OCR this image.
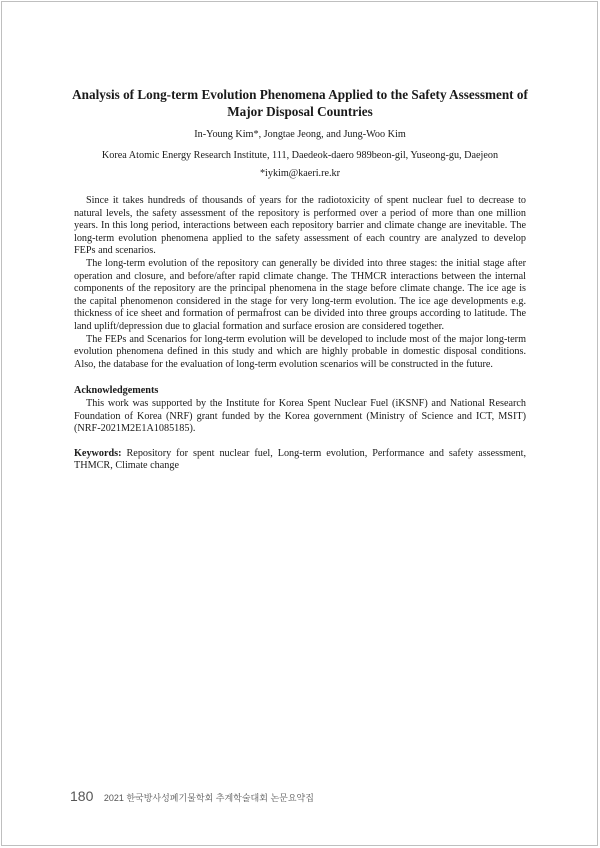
Analysis of Long-term Evolution Phenomena Applied to the Safety Assessment of Major Disposal Countries
In-Young Kim*, Jongtae Jeong, and Jung-Woo Kim
Korea Atomic Energy Research Institute, 111, Daedeok-daero 989beon-gil, Yuseong-gu, Daejeon
*iykim@kaeri.re.kr

Since it takes hundreds of thousands of years for the radiotoxicity of spent nuclear fuel to decrease to natural levels, the safety assessment of the repository is performed over a period of more than one million years. In this long period, interactions between each repository barrier and climate change are inevitable. The long-term evolution phenomena applied to the safety assessment of each country are analyzed to develop FEPs and scenarios.

The long-term evolution of the repository can generally be divided into three stages: the initial stage after operation and closure, and before/after rapid climate change. The THMCR interactions between the internal components of the repository are the principal phenomena in the stage before climate change. The ice age is the capital phenomenon considered in the stage for very long-term evolution. The ice age developments e.g. thickness of ice sheet and formation of permafrost can be divided into three groups according to latitude. The land uplift/depression due to glacial formation and surface erosion are considered together.

The FEPs and Scenarios for long-term evolution will be developed to include most of the major long-term evolution phenomena defined in this study and which are highly probable in domestic disposal conditions. Also, the database for the evaluation of long-term evolution scenarios will be constructed in the future.

Acknowledgements

This work was supported by the Institute for Korea Spent Nuclear Fuel (iKSNF) and National Research Foundation of Korea (NRF) grant funded by the Korea government (Ministry of Science and ICT, MSIT) (NRF-2021M2E1A1085185).

Keywords: Repository for spent nuclear fuel, Long-term evolution, Performance and safety assessment, THMCR, Climate change
180 2021 한국방사성폐기물학회 추계학술대회 논문요약집
